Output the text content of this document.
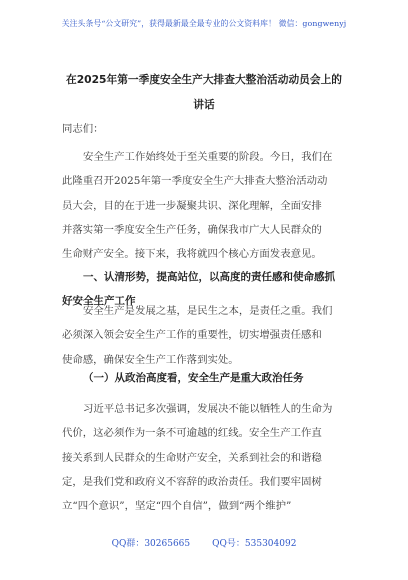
关注头条号“公文研究”，获得最新最全最专业的公文资料库！ 微信：gongwenyj
在2025年第一季度安全生产大排查大整治活动动员会上的
讲话
同志们：
安全生产工作始终处于至关重要的阶段。今日，我们在
此隆重召开2025年第一季度安全生产大排查大整治活动动
员大会，目的在于进一步凝聚共识、深化理解，全面安排
并落实第一季度安全生产任务，确保我市广大人民群众的
生命财产安全。接下来，我将就四个核心方面发表意见。
一、认清形势，提高站位，以高度的责任感和使命感抓
好安全生产工作
安全生产是发展之基，是民生之本，是责任之重。我们
必须深入领会安全生产工作的重要性，切实增强责任感和
使命感，确保安全生产工作落到实处。
（一）从政治高度看，安全生产是重大政治任务
习近平总书记多次强调，发展决不能以牺牲人的生命为
代价，这必须作为一条不可逾越的红线。安全生产工作直
接关系到人民群众的生命财产安全，关系到社会的和谐稳
定，是我们党和政府义不容辞的政治责任。我们要牢固树
立“四个意识”，坚定“四个自信”，做到“两个维护”
QQ群：30265665 QQ号：535304092
